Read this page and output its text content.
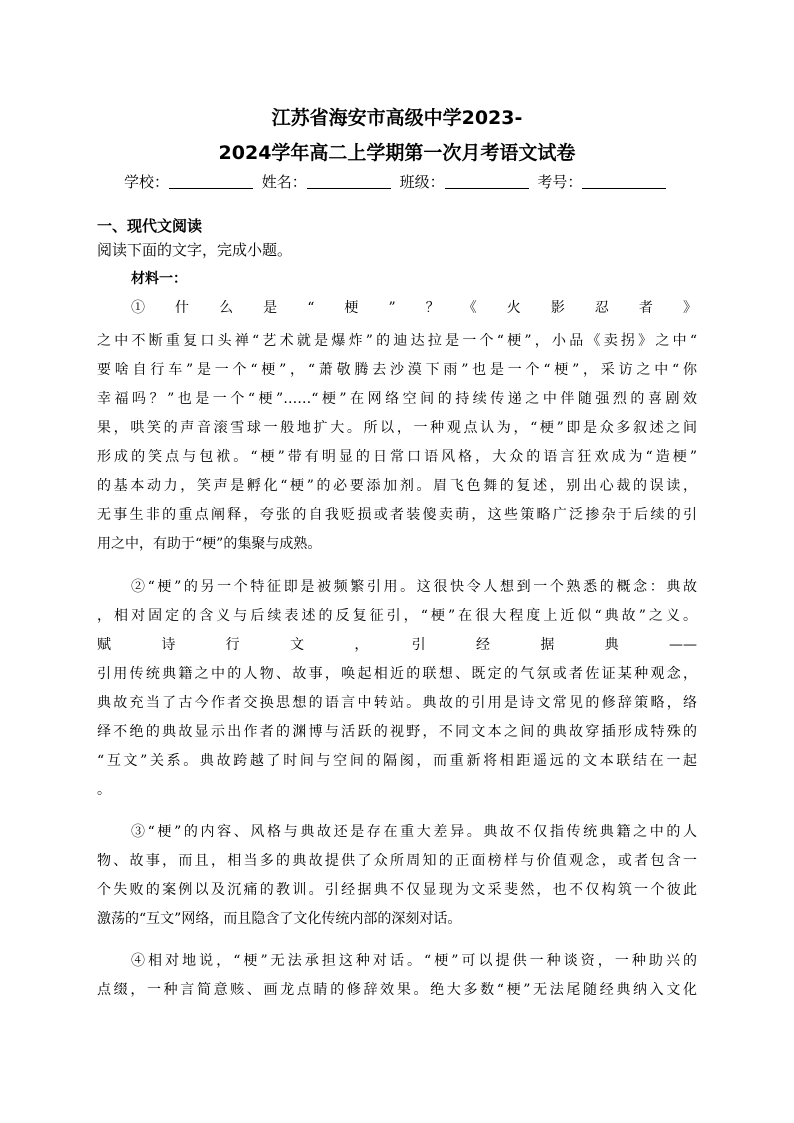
江苏省海安市高级中学2023-
2024学年高二上学期第一次月考语文试卷
学校：	姓名：	班级：	考号：
一、现代文阅读
阅读下面的文字，完成小题。
材料一：
①　什　么　是　“　梗　”　？　《　火　影　忍　者　》
之中不断重复口头禅“艺术就是爆炸”的迪达拉是一个“梗”，小品《卖拐》之中“
要啥自行车”是一个“梗”，“萧敬腾去沙漠下雨”也是一个“梗”，采访之中“你
幸福吗？”也是一个“梗”……“梗”在网络空间的持续传递之中伴随强烈的喜剧效
果，哄笑的声音滚雪球一般地扩大。所以，一种观点认为，“梗”即是众多叙述之间
形成的笑点与包袱。“梗”带有明显的日常口语风格，大众的语言狂欢成为“造梗”
的基本动力，笑声是孵化“梗”的必要添加剂。眉飞色舞的复述，别出心裁的误读，
无事生非的重点阐释，夸张的自我贬损或者装傻卖萌，这些策略广泛掺杂于后续的引
用之中，有助于“梗”的集聚与成熟。
②“梗”的另一个特征即是被频繁引用。这很快令人想到一个熟悉的概念：典故
，相对固定的含义与后续表述的反复征引，“梗”在很大程度上近似“典故”之义。
赋　　诗　　行　　文　　，　　引　　经　　据　　典　　——
引用传统典籍之中的人物、故事，唤起相近的联想、既定的气氛或者佐证某种观念，
典故充当了古今作者交换思想的语言中转站。典故的引用是诗文常见的修辞策略，络
绎不绝的典故显示出作者的渊博与活跃的视野，不同文本之间的典故穿插形成特殊的
“互文”关系。典故跨越了时间与空间的隔阂，而重新将相距遥远的文本联结在一起
。
③“梗”的内容、风格与典故还是存在重大差异。典故不仅指传统典籍之中的人
物、故事，而且，相当多的典故提供了众所周知的正面榜样与价值观念，或者包含一
个失败的案例以及沉痛的教训。引经据典不仅显现为文采斐然，也不仅构筑一个彼此
激荡的“互文”网络，而且隐含了文化传统内部的深刻对话。
④相对地说，“梗”无法承担这种对话。“梗”可以提供一种谈资，一种助兴的
点缀，一种言简意赅、画龙点睛的修辞效果。绝大多数“梗”无法尾随经典纳入文化
